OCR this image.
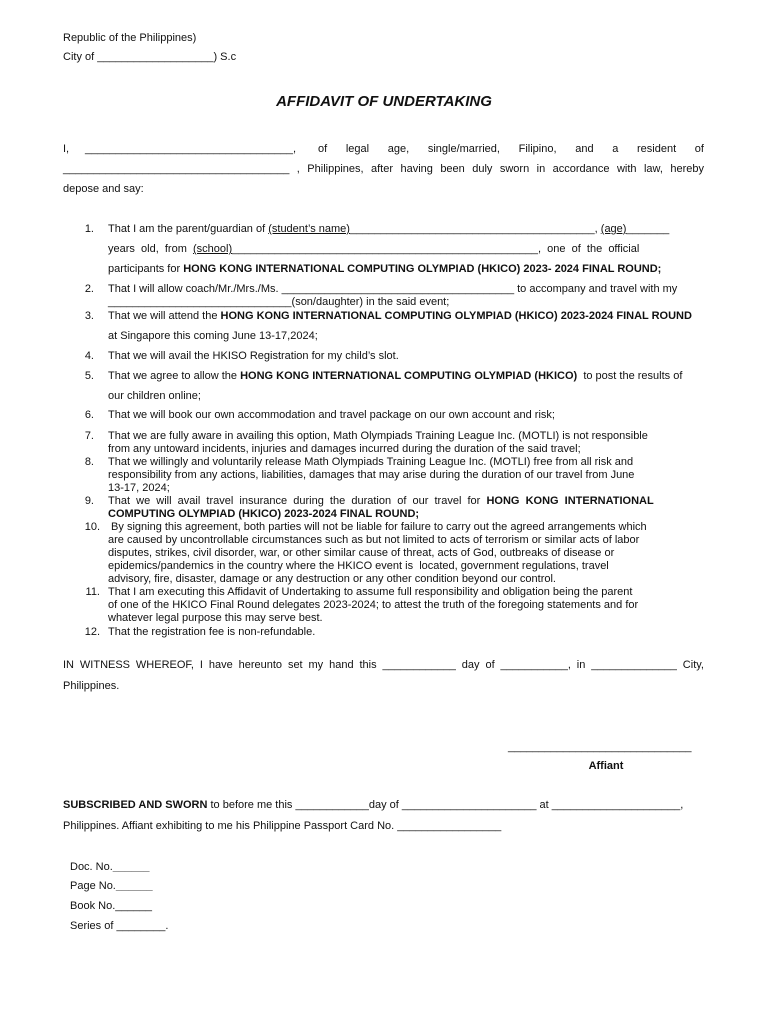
Republic of the Philippines)
City of ___________________) S.c
AFFIDAVIT OF UNDERTAKING
I, __________________________________, of legal age, single/married, Filipino, and a resident of
_____________________________________ , Philippines, after having been duly sworn in accordance with law, hereby
depose and say:
1. That I am the parent/guardian of (student’s name)________________________________________, (age)_______
years  old,  from  (school)__________________________________________________,  one  of  the  official
participants for HONG KONG INTERNATIONAL COMPUTING OLYMPIAD (HKICO) 2023- 2024 FINAL ROUND;
2. That I will allow coach/Mr./Mrs./Ms. ______________________________________ to accompany and travel with my
______________________________(son/daughter) in the said event;
3. That we will attend the HONG KONG INTERNATIONAL COMPUTING OLYMPIAD (HKICO) 2023-2024 FINAL ROUND
at Singapore this coming June 13-17,2024;
4. That we will avail the HKISO Registration for my child’s slot.
5. That we agree to allow the HONG KONG INTERNATIONAL COMPUTING OLYMPIAD (HKICO)  to post the results of
our children online;
6. That we will book our own accommodation and travel package on our own account and risk;
7. That we are fully aware in availing this option, Math Olympiads Training League Inc. (MOTLI) is not responsible
from any untoward incidents, injuries and damages incurred during the duration of the said travel;
8. That we willingly and voluntarily release Math Olympiads Training League Inc. (MOTLI) free from all risk and
responsibility from any actions, liabilities, damages that may arise during the duration of our travel from June
13-17, 2024;
9. That  we  will  avail  travel  insurance  during  the  duration  of  our  travel  for  HONG  KONG  INTERNATIONAL
COMPUTING OLYMPIAD (HKICO) 2023-2024 FINAL ROUND;
10. By signing this agreement, both parties will not be liable for failure to carry out the agreed arrangements which
are caused by uncontrollable circumstances such as but not limited to acts of terrorism or similar acts of labor
disputes, strikes, civil disorder, war, or other similar cause of threat, acts of God, outbreaks of disease or
epidemics/pandemics in the country where the HKICO event is  located, government regulations, travel
advisory, fire, disaster, damage or any destruction or any other condition beyond our control.
11. That I am executing this Affidavit of Undertaking to assume full responsibility and obligation being the parent
of one of the HKICO Final Round delegates 2023-2024; to attest the truth of the foregoing statements and for
whatever legal purpose this may serve best.
12. That the registration fee is non-refundable.
IN WITNESS WHEREOF, I have hereunto set my hand this ____________ day of ___________, in ______________ City,
Philippines.
______________________________
Affiant
SUBSCRIBED AND SWORN to before me this ____________day of ______________________ at _____________________,
Philippines. Affiant exhibiting to me his Philippine Passport Card No. _________________
Doc. No.______
Page No.______
Book No.______
Series of ________.
